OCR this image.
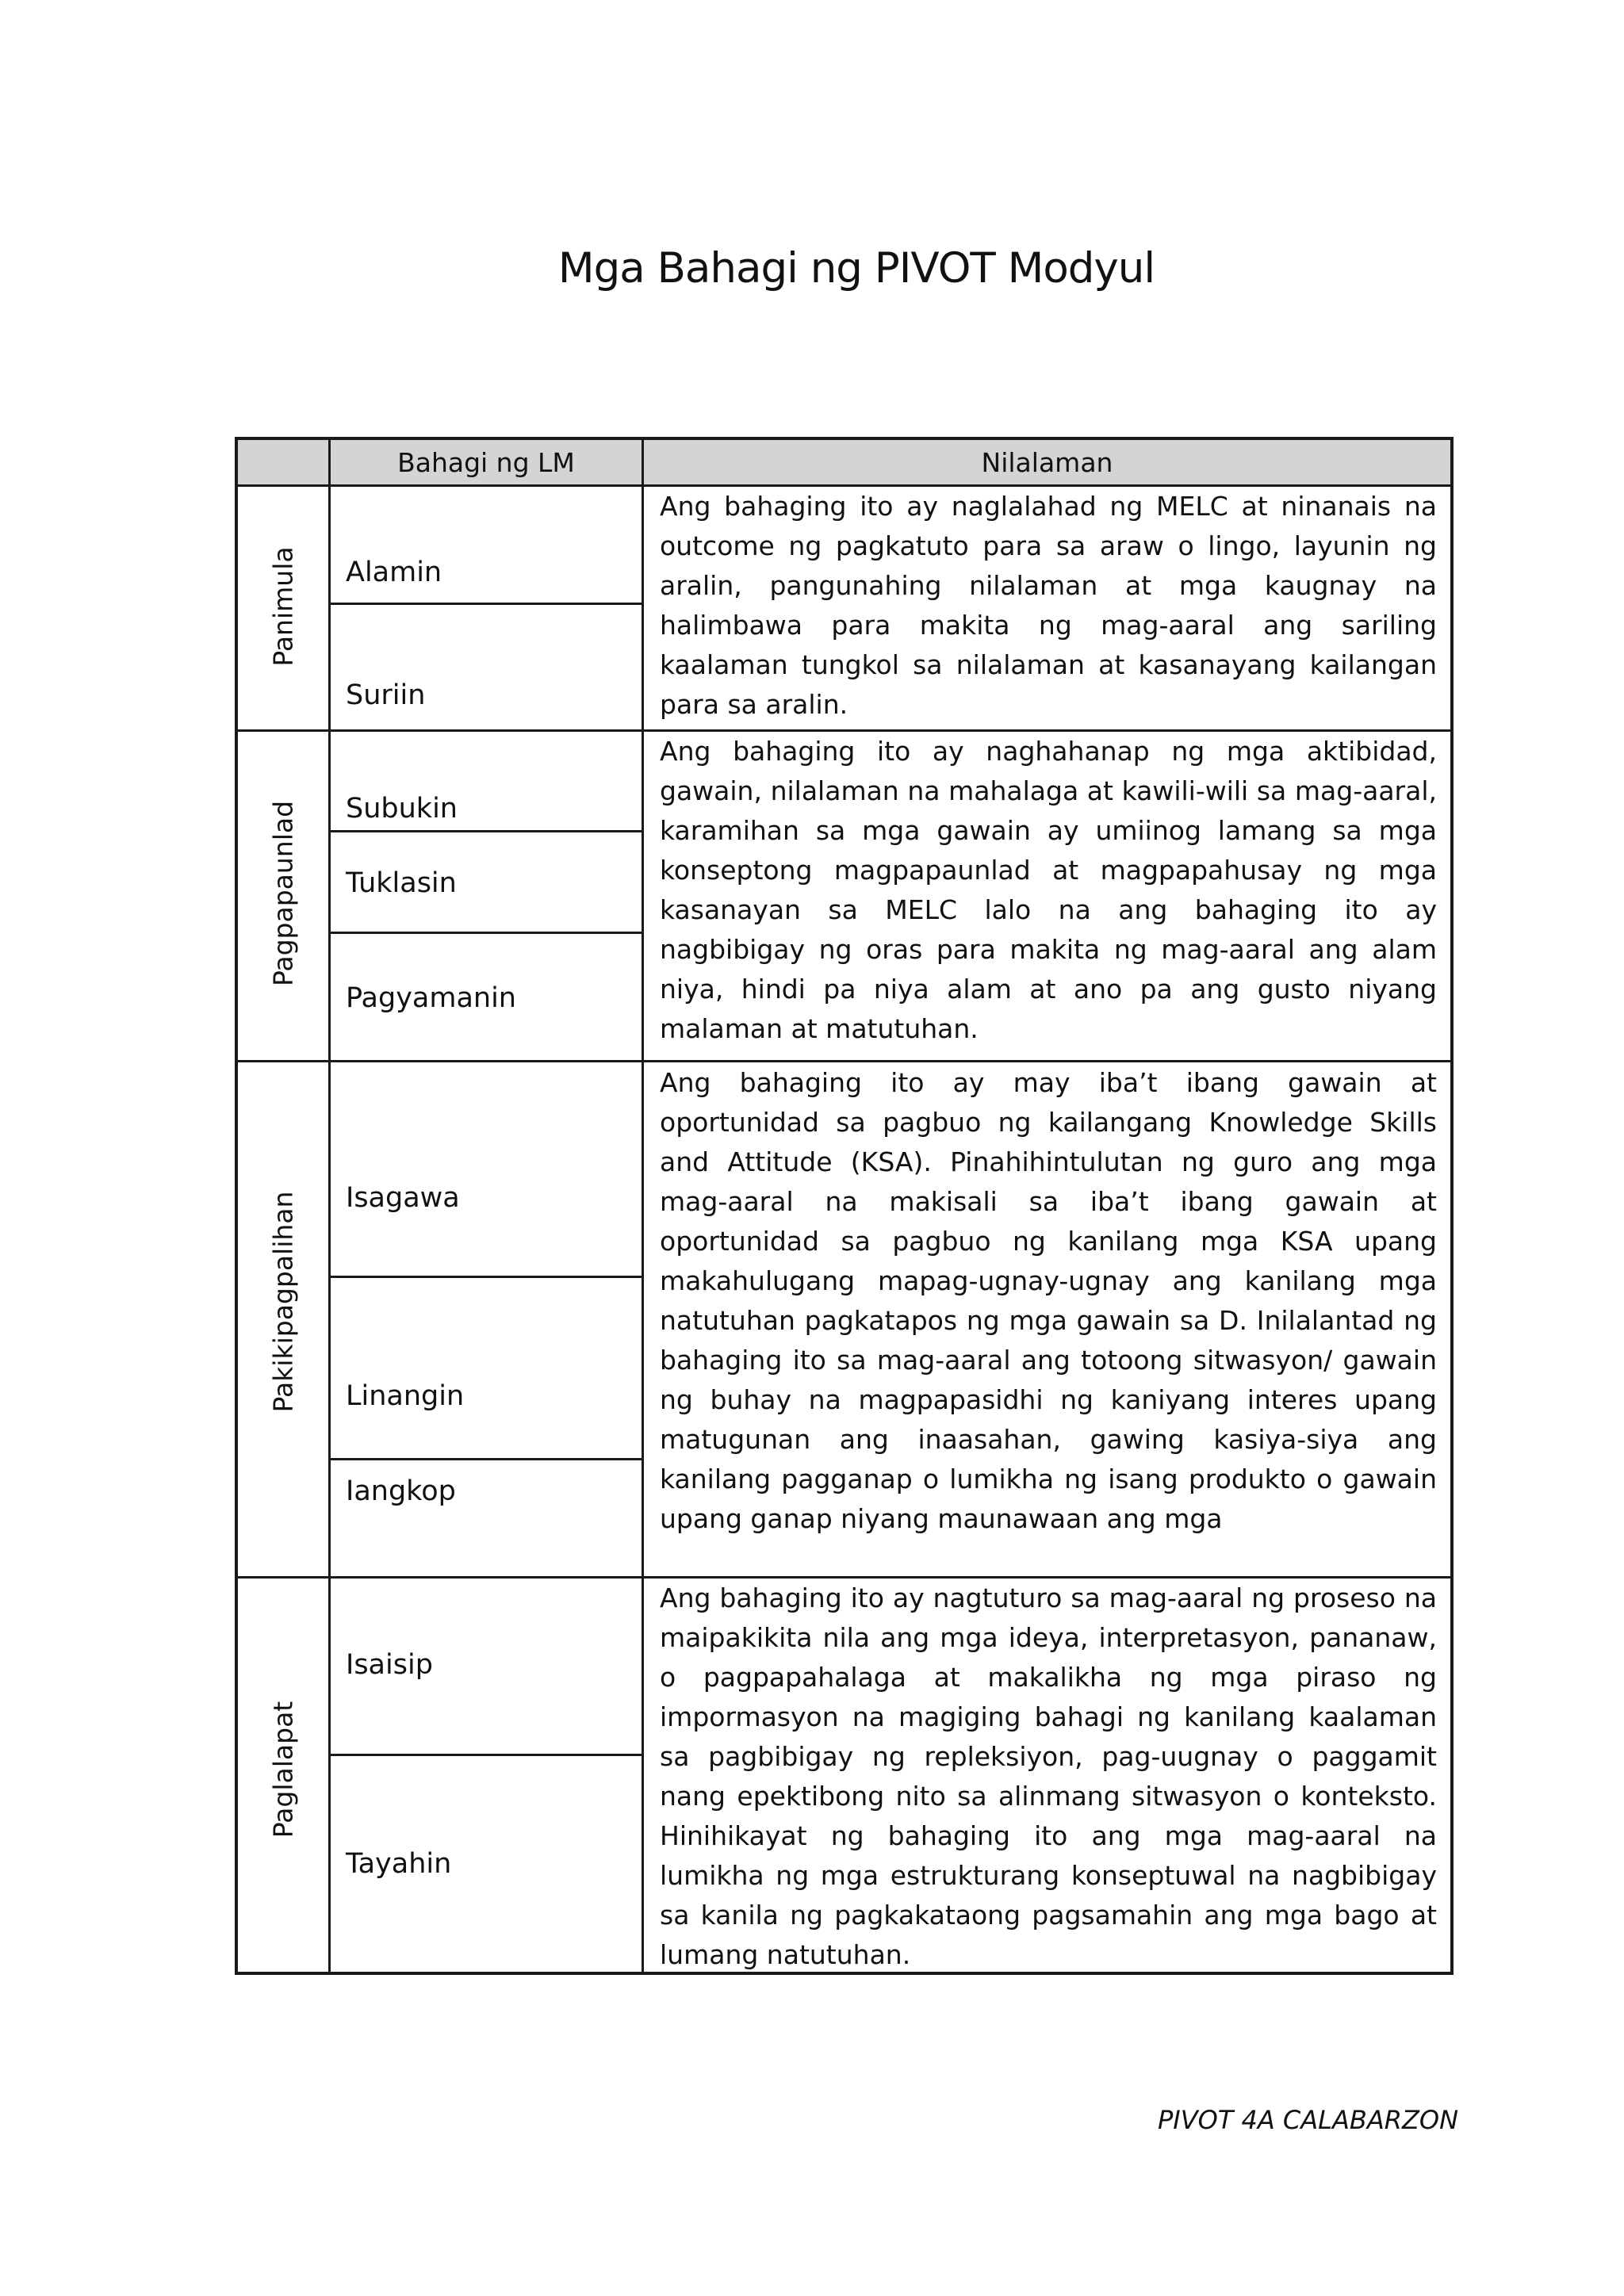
Mga Bahagi ng PIVOT Modyul
Bahagi ng LM	Nilalaman
Panimula
Pagpapaunlad
Pakikipagpalihan
Paglalapat
Alamin
Suriin
Subukin
Tuklasin
Pagyamanin
Isagawa
Linangin
Iangkop
Isaisip
Tayahin

Ang bahaging ito ay naglalahad ng MELC at ninanais na outcome ng pagkatuto para sa araw o lingo, layunin ng aralin, pangunahing nilalaman at mga kaugnay na halimbawa para makita ng mag-aaral ang sariling kaalaman tungkol sa nilalaman at kasanayang kailangan para sa aralin.

Ang bahaging ito ay naghahanap ng mga aktibidad, gawain, nilalaman na mahalaga at kawili-wili sa mag-aaral, karamihan sa mga gawain ay umiinog lamang sa mga konseptong magpapaunlad at magpapahusay ng mga kasanayan sa MELC lalo na ang bahaging ito ay nagbibigay ng oras para makita ng mag-aaral ang alam niya, hindi pa niya alam at ano pa ang gusto niyang malaman at matutuhan.

Ang bahaging ito ay may iba’t ibang gawain at oportunidad sa pagbuo ng kailangang Knowledge Skills and Attitude (KSA). Pinahihintulutan ng guro ang mga mag-aaral na makisali sa iba’t ibang gawain at oportunidad sa pagbuo ng kanilang mga KSA upang makahulugang mapag-ugnay-ugnay ang kanilang mga natutuhan pagkatapos ng mga gawain sa D. Inilalantad ng bahaging ito sa mag-aaral ang totoong sitwasyon/ gawain ng buhay na magpapasidhi ng kaniyang interes upang matugunan ang inaasahan, gawing kasiya-siya ang kanilang pagganap o lumikha ng isang produkto o gawain upang ganap niyang maunawaan ang mga

Ang bahaging ito ay nagtuturo sa mag-aaral ng proseso na maipakikita nila ang mga ideya, interpretasyon, pananaw, o pagpapahalaga at makalikha ng mga piraso ng impormasyon na magiging bahagi ng kanilang kaalaman sa pagbibigay ng repleksiyon, pag-uugnay o paggamit nang epektibong nito sa alinmang sitwasyon o konteksto. Hinihikayat ng bahaging ito ang mga mag-aaral na lumikha ng mga estrukturang konseptuwal na nagbibigay sa kanila ng pagkakataong pagsamahin ang mga bago at lumang natutuhan.

PIVOT 4A CALABARZON
